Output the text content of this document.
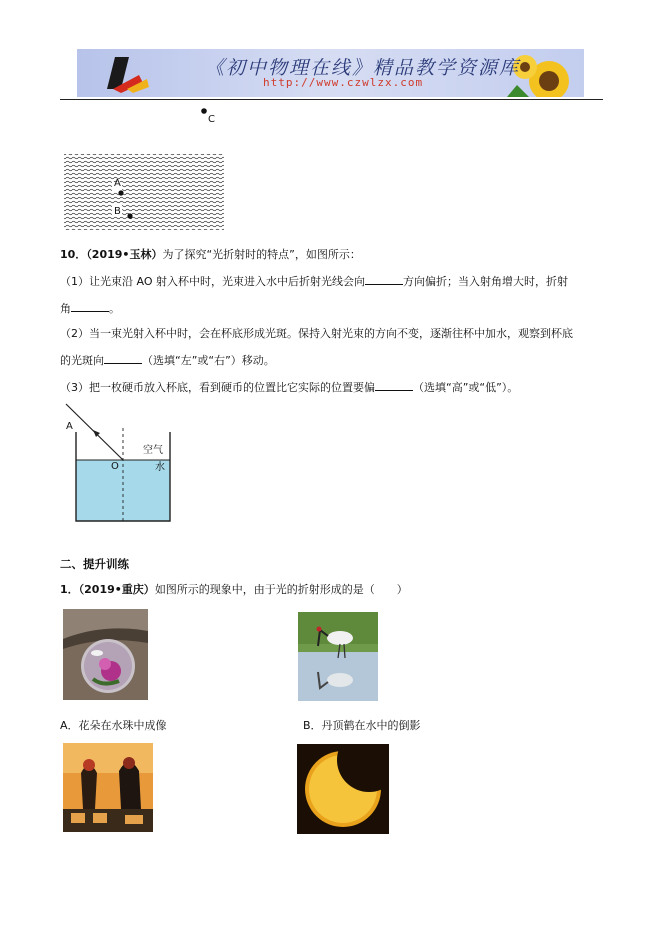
《初中物理在线》精品教学资源库
http://www.czwlzx.com
C
A
B
10．（2019•玉林）为了探究“光折射时的特点”，如图所示：
（1）让光束沿 AO 射入杯中时，光束进入水中后折射光线会向	方向偏折；当入射角增大时，折射
角	。
（2）当一束光射入杯中时，会在杯底形成光斑。保持入射光束的方向不变，逐渐往杯中加水，观察到杯底
的光斑向	（选填“左”或“右”）移动。
（3）把一枚硬币放入杯底，看到硬币的位置比它实际的位置要偏	（选填“高”或“低”）。
A
O
空气
水
二、提升训练
1．（2019•重庆）如图所示的现象中，由于光的折射形成的是（　　）
A．花朵在水珠中成像	B．丹顶鹤在水中的倒影
